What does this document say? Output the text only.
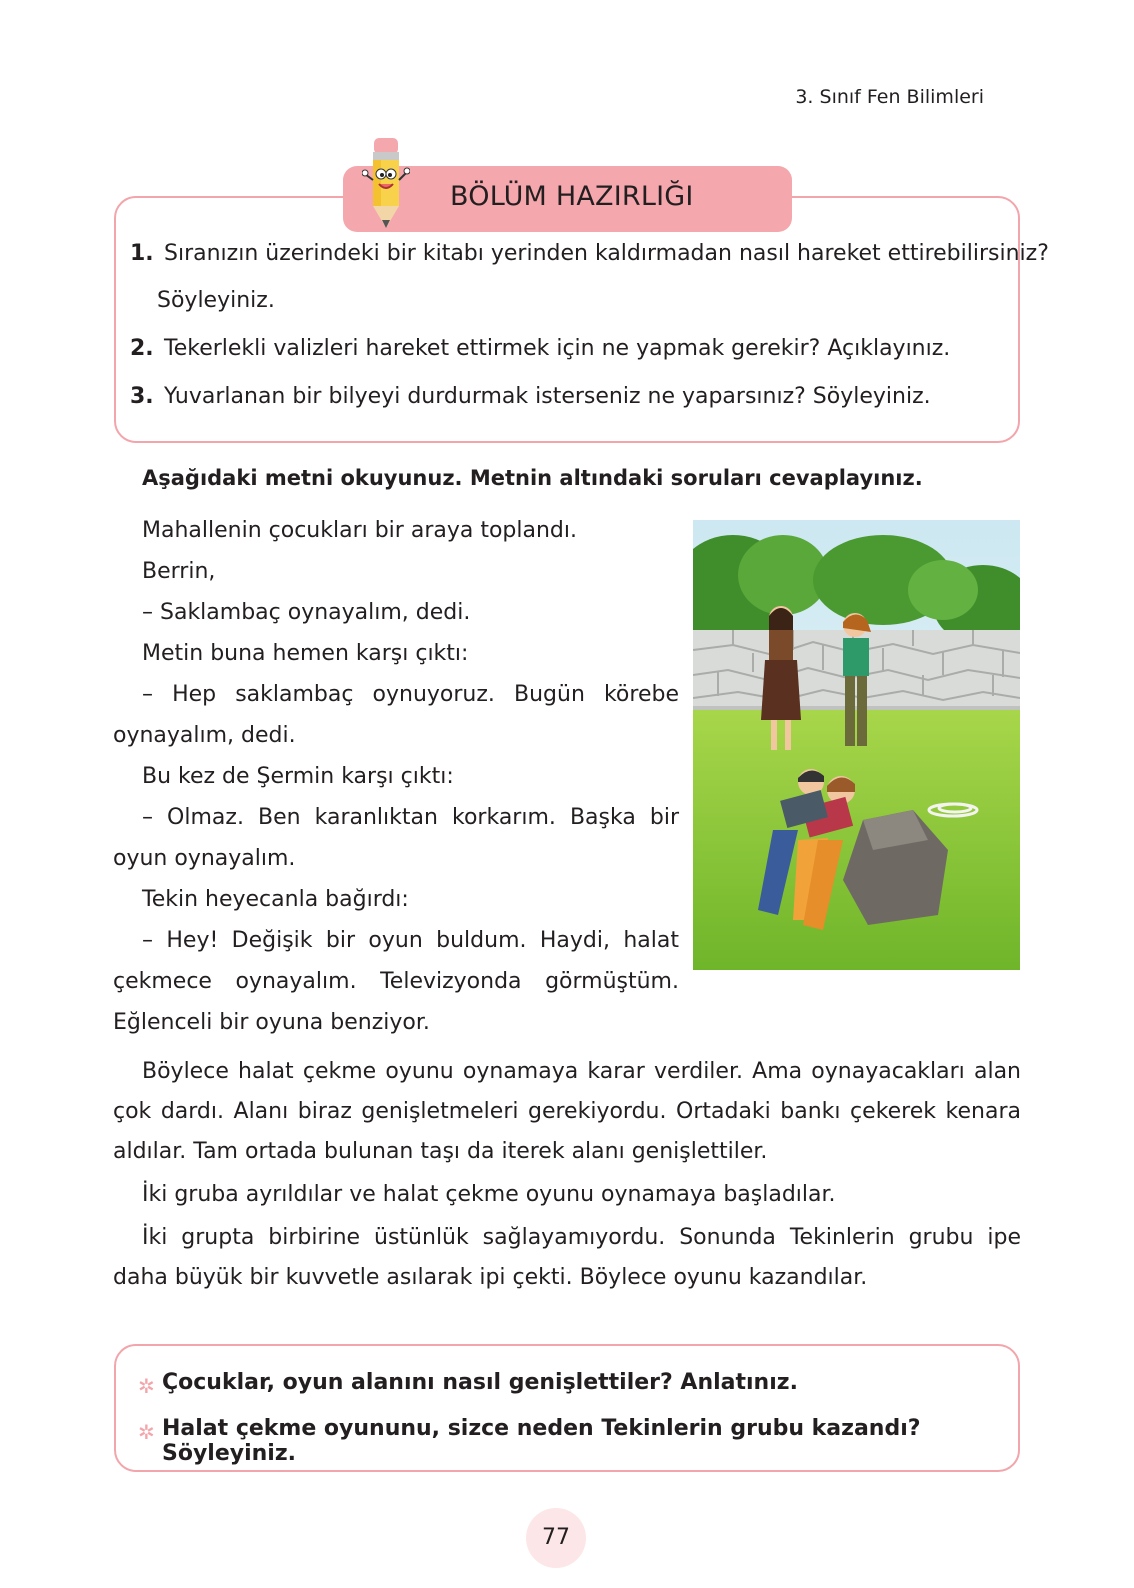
3. Sınıf Fen Bilimleri
BÖLÜM HAZIRLIĞI
1. Sıranızın üzerindeki bir kitabı yerinden kaldırmadan nasıl hareket ettirebilirsiniz?
Söyleyiniz.
2. Tekerlekli valizleri hareket ettirmek için ne yapmak gerekir? Açıklayınız.
3. Yuvarlanan bir bilyeyi durdurmak isterseniz ne yaparsınız? Söyleyiniz.
Aşağıdaki metni okuyunuz. Metnin altındaki soruları cevaplayınız.

Mahallenin çocukları bir araya toplandı.

Berrin,

– Saklambaç oynayalım, dedi.

Metin buna hemen karşı çıktı:

– Hep saklambaç oynuyoruz. Bugün körebe oynayalım, dedi.

Bu kez de Şermin karşı çıktı:

– Olmaz. Ben karanlıktan korkarım. Başka bir oyun oynayalım.

Tekin heyecanla bağırdı:

– Hey! Değişik bir oyun buldum. Haydi, halat çekmece oynayalım. Televizyonda görmüştüm. Eğlenceli bir oyuna benziyor.

Böylece halat çekme oyunu oynamaya karar verdiler. Ama oynayacakları alan çok dardı. Alanı biraz genişletmeleri gerekiyordu. Ortadaki bankı çekerek kenara aldılar. Tam ortada bulunan taşı da iterek alanı genişlettiler.

İki gruba ayrıldılar ve halat çekme oyunu oynamaya başladılar.

İki grupta birbirine üstünlük sağlayamıyordu. Sonunda Tekinlerin grubu ipe daha büyük bir kuvvetle asılarak ipi çekti. Böylece oyunu kazandılar.

✲ Çocuklar, oyun alanını nasıl genişlettiler? Anlatınız.
✲ Halat çekme oyununu, sizce neden Tekinlerin grubu kazandı? Söyleyiniz.
77
